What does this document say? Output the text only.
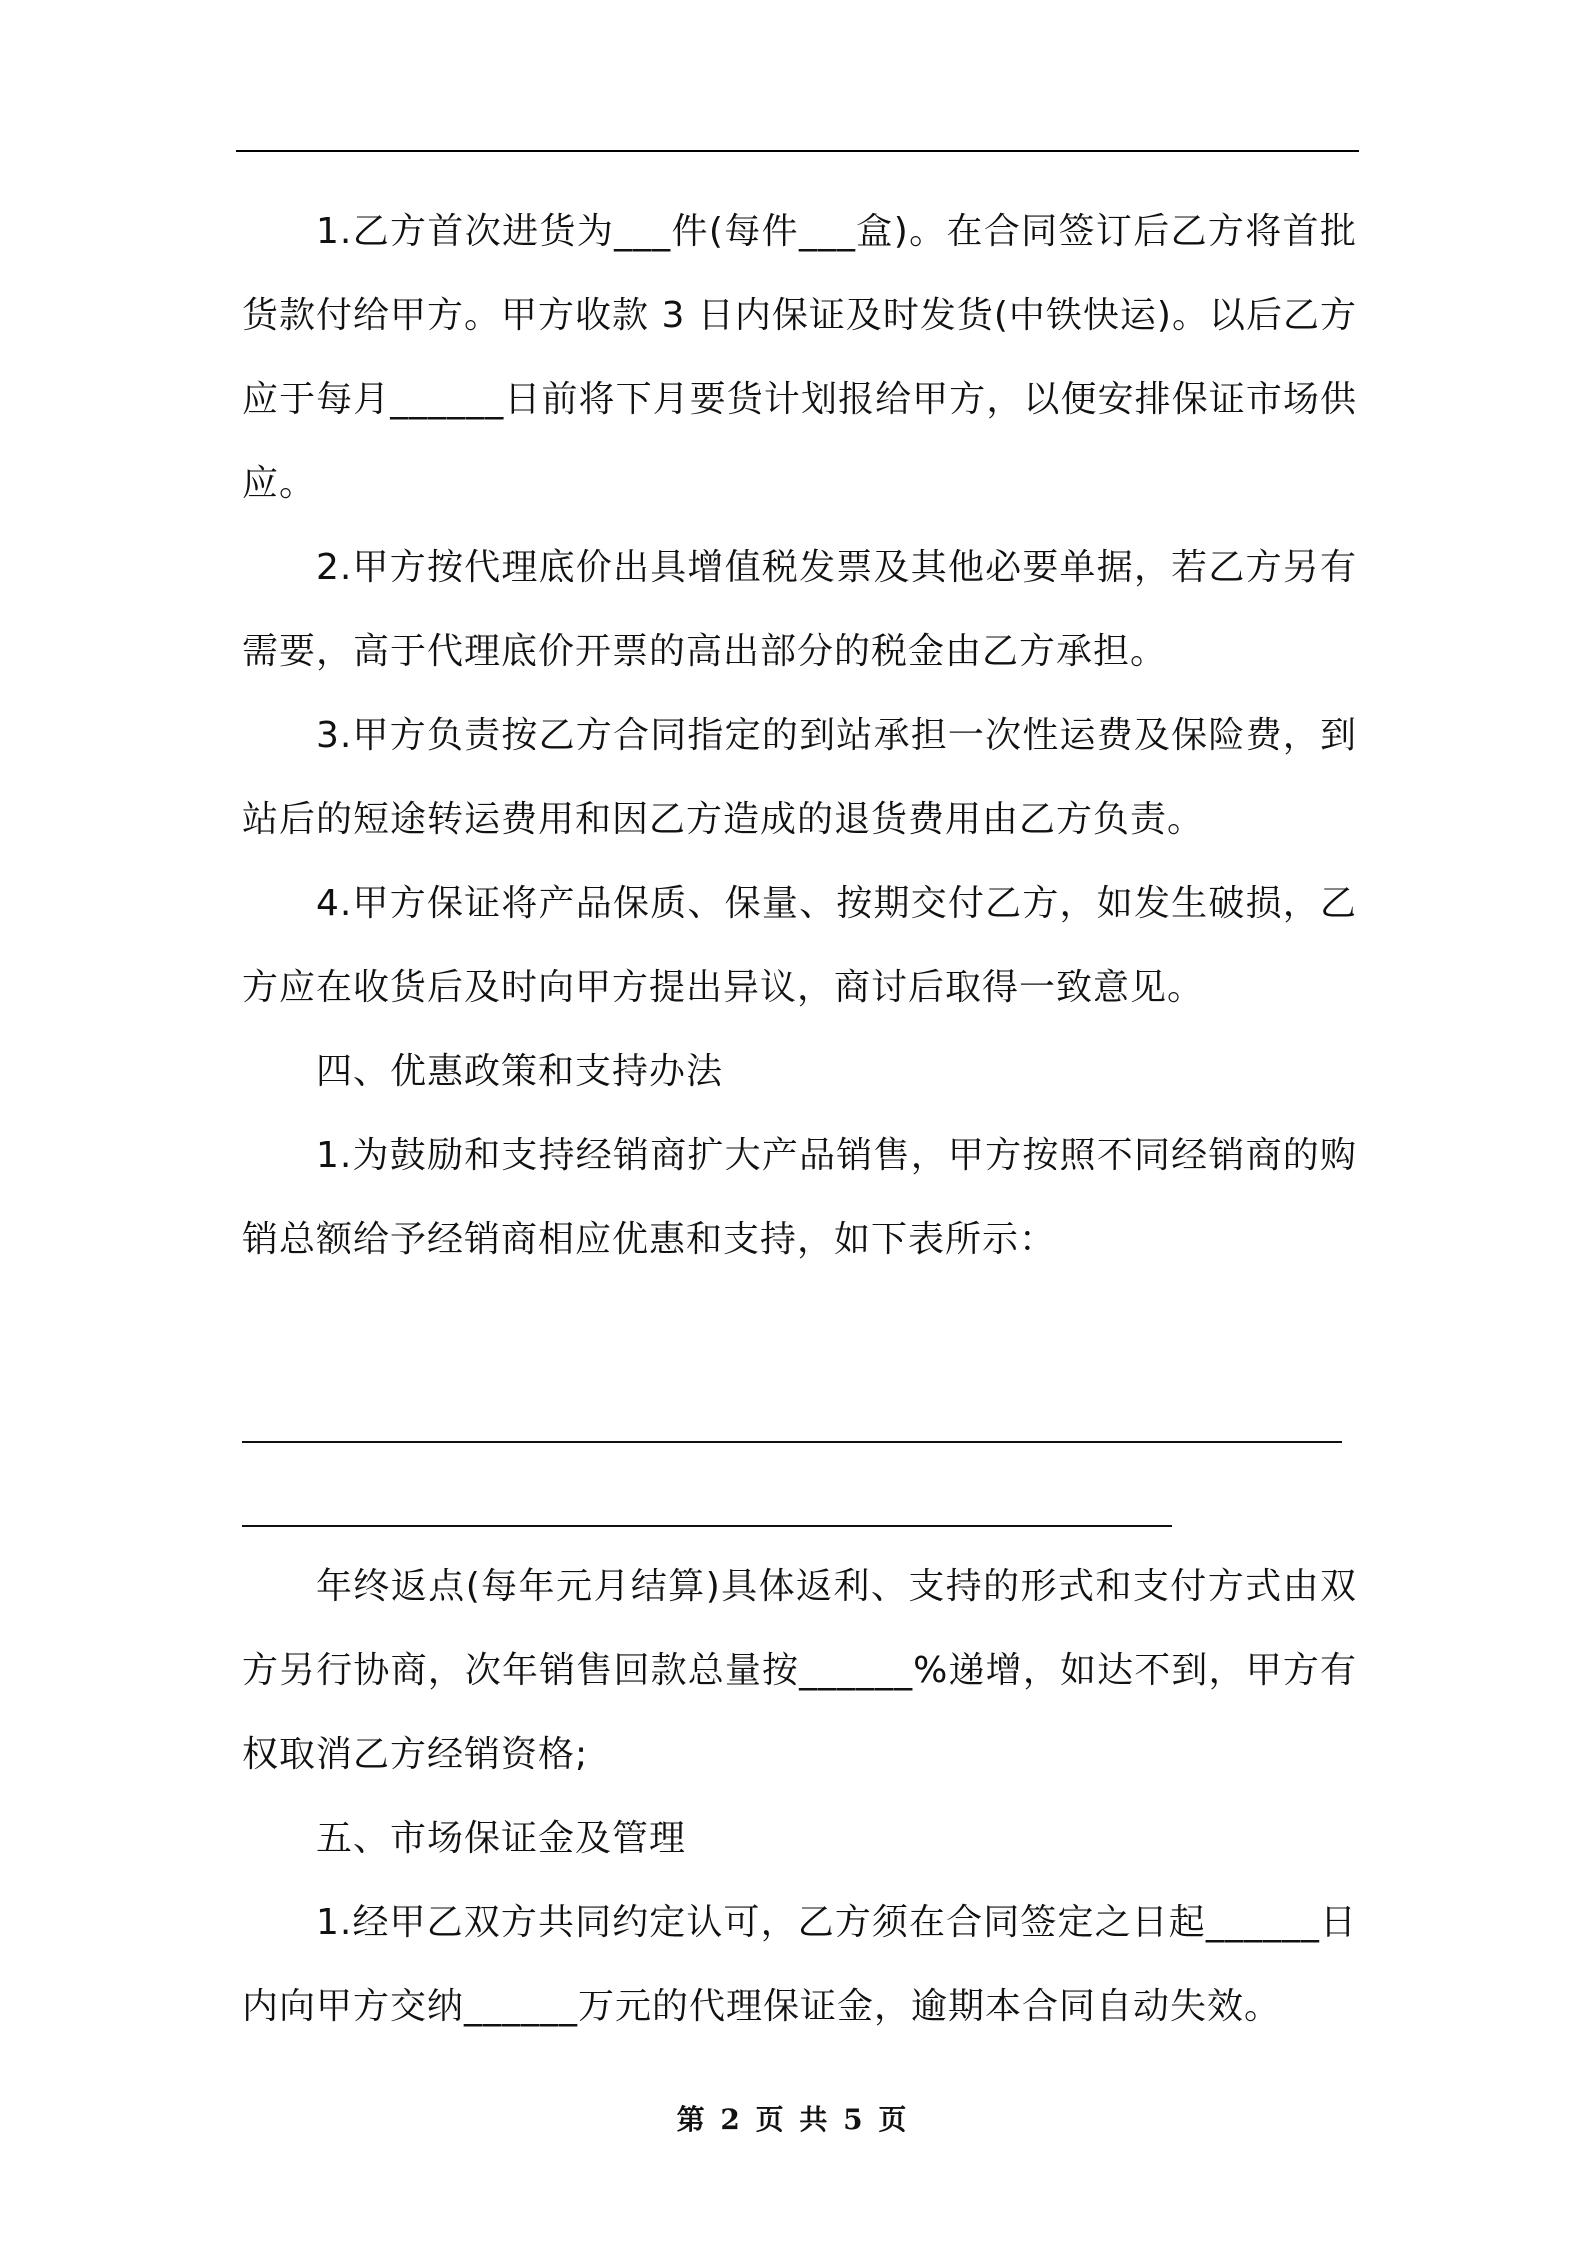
1.乙方首次进货为___件(每件___盒)。在合同签订后乙方将首批货款付给甲方。甲方收款 3 日内保证及时发货(中铁快运)。以后乙方应于每月______日前将下月要货计划报给甲方，以便安排保证市场供应。

2.甲方按代理底价出具增值税发票及其他必要单据，若乙方另有需要，高于代理底价开票的高出部分的税金由乙方承担。

3.甲方负责按乙方合同指定的到站承担一次性运费及保险费，到站后的短途转运费用和因乙方造成的退货费用由乙方负责。

4.甲方保证将产品保质、保量、按期交付乙方，如发生破损，乙方应在收货后及时向甲方提出异议，商讨后取得一致意见。

四、优惠政策和支持办法

1.为鼓励和支持经销商扩大产品销售，甲方按照不同经销商的购销总额给予经销商相应优惠和支持，如下表所示：

年终返点(每年元月结算)具体返利、支持的形式和支付方式由双方另行协商，次年销售回款总量按______%递增，如达不到，甲方有权取消乙方经销资格;

五、市场保证金及管理

1.经甲乙双方共同约定认可，乙方须在合同签定之日起______日内向甲方交纳______万元的代理保证金，逾期本合同自动失效。

第 2 页 共 5 页
